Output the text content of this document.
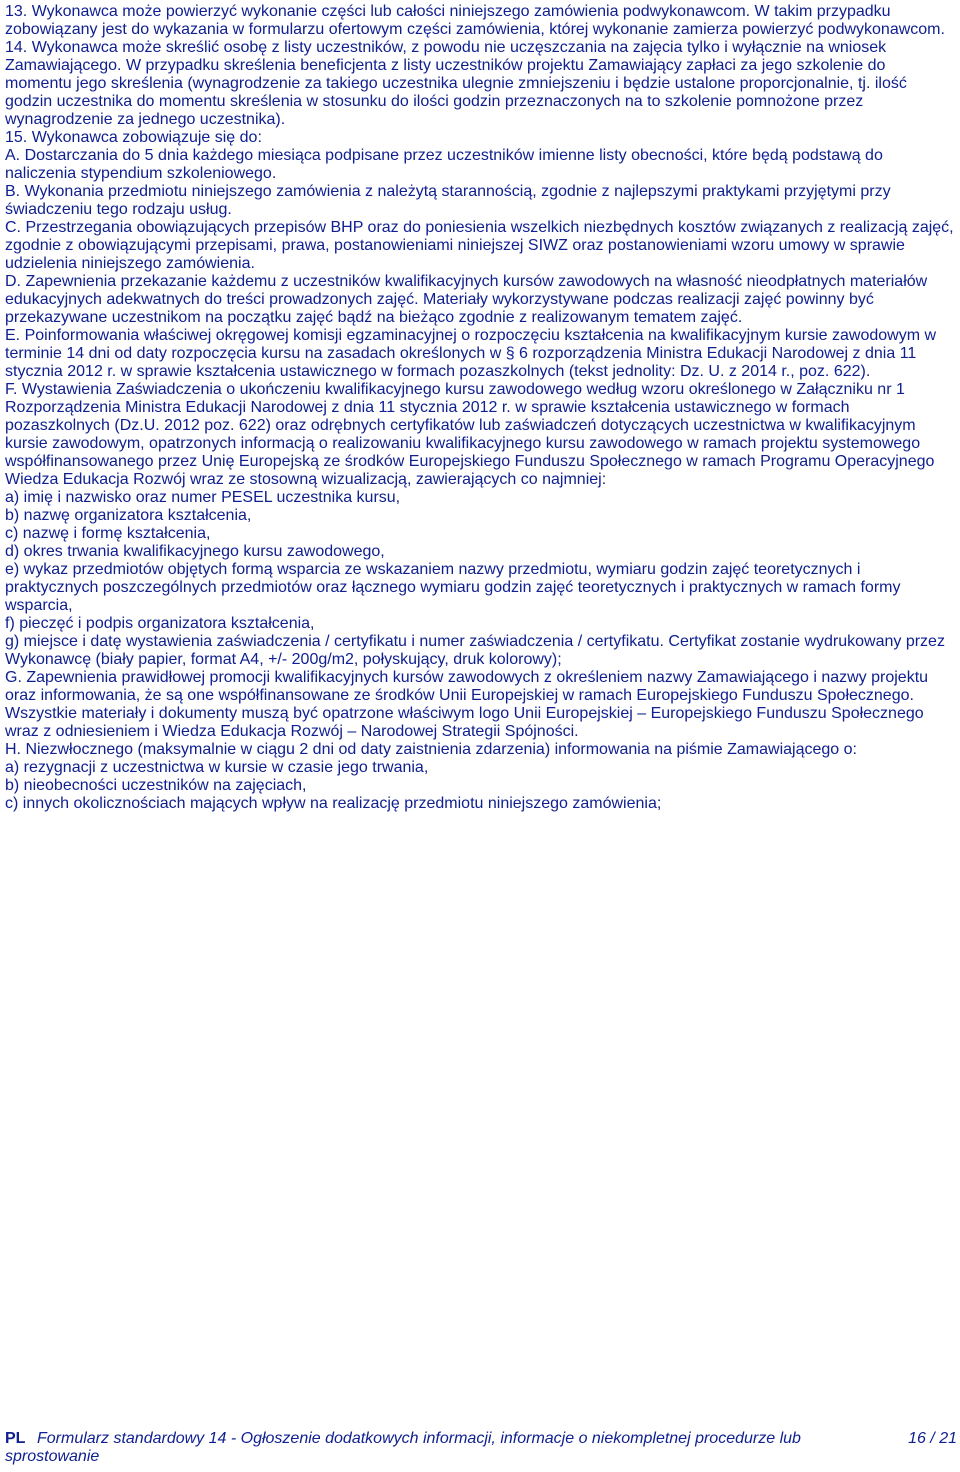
13. Wykonawca może powierzyć wykonanie części lub całości niniejszego zamówienia podwykonawcom. W takim przypadku zobowiązany jest do wykazania w formularzu ofertowym części zamówienia, której wykonanie zamierza powierzyć podwykonawcom.

14. Wykonawca może skreślić osobę z listy uczestników, z powodu nie uczęszczania na zajęcia tylko i wyłącznie na wniosek Zamawiającego. W przypadku skreślenia beneficjenta z listy uczestników projektu Zamawiający zapłaci za jego szkolenie do momentu jego skreślenia (wynagrodzenie za takiego uczestnika ulegnie zmniejszeniu i będzie ustalone proporcjonalnie, tj. ilość godzin uczestnika do momentu skreślenia w stosunku do ilości godzin przeznaczonych na to szkolenie pomnożone przez wynagrodzenie za jednego uczestnika).

15. Wykonawca zobowiązuje się do:

A. Dostarczania do 5 dnia każdego miesiąca podpisane przez uczestników imienne listy obecności, które będą podstawą do naliczenia stypendium szkoleniowego.

B. Wykonania przedmiotu niniejszego zamówienia z należytą starannością, zgodnie z najlepszymi praktykami przyjętymi przy świadczeniu tego rodzaju usług.

C. Przestrzegania obowiązujących przepisów BHP oraz do poniesienia wszelkich niezbędnych kosztów związanych z realizacją zajęć, zgodnie z obowiązującymi przepisami, prawa, postanowieniami niniejszej SIWZ oraz postanowieniami wzoru umowy w sprawie udzielenia niniejszego zamówienia.

D. Zapewnienia przekazanie każdemu z uczestników kwalifikacyjnych kursów zawodowych na własność nieodpłatnych materiałów edukacyjnych adekwatnych do treści prowadzonych zajęć. Materiały wykorzystywane podczas realizacji zajęć powinny być przekazywane uczestnikom na początku zajęć bądź na bieżąco zgodnie z realizowanym tematem zajęć.

E. Poinformowania właściwej okręgowej komisji egzaminacyjnej o rozpoczęciu kształcenia na kwalifikacyjnym kursie zawodowym w terminie 14 dni od daty rozpoczęcia kursu na zasadach określonych w § 6 rozporządzenia Ministra Edukacji Narodowej z dnia 11 stycznia 2012 r. w sprawie kształcenia ustawicznego w formach pozaszkolnych (tekst jednolity: Dz. U. z 2014 r., poz. 622).

F. Wystawienia Zaświadczenia o ukończeniu kwalifikacyjnego kursu zawodowego według wzoru określonego w Załączniku nr 1 Rozporządzenia Ministra Edukacji Narodowej z dnia 11 stycznia 2012 r. w sprawie kształcenia ustawicznego w formach pozaszkolnych (Dz.U. 2012 poz. 622) oraz odrębnych certyfikatów lub zaświadczeń dotyczących uczestnictwa w kwalifikacyjnym kursie zawodowym, opatrzonych informacją o realizowaniu kwalifikacyjnego kursu zawodowego w ramach projektu systemowego współfinansowanego przez Unię Europejską ze środków Europejskiego Funduszu Społecznego w ramach Programu Operacyjnego Wiedza Edukacja Rozwój wraz ze stosowną wizualizacją, zawierających co najmniej:

a) imię i nazwisko oraz numer PESEL uczestnika kursu,

b) nazwę organizatora kształcenia,

c) nazwę i formę kształcenia,

d) okres trwania kwalifikacyjnego kursu zawodowego,

e) wykaz przedmiotów objętych formą wsparcia ze wskazaniem nazwy przedmiotu, wymiaru godzin zajęć teoretycznych i praktycznych poszczególnych przedmiotów oraz łącznego wymiaru godzin zajęć teoretycznych i praktycznych w ramach formy wsparcia,

f) pieczęć i podpis organizatora kształcenia,

g) miejsce i datę wystawienia zaświadczenia / certyfikatu i numer zaświadczenia / certyfikatu. Certyfikat zostanie wydrukowany przez Wykonawcę (biały papier, format A4, +/- 200g/m2, połyskujący, druk kolorowy);

G. Zapewnienia prawidłowej promocji kwalifikacyjnych kursów zawodowych z określeniem nazwy Zamawiającego i nazwy projektu oraz informowania, że są one współfinansowane ze środków Unii Europejskiej w ramach Europejskiego Funduszu Społecznego. Wszystkie materiały i dokumenty muszą być opatrzone właściwym logo Unii Europejskiej – Europejskiego Funduszu Społecznego wraz z odniesieniem i Wiedza Edukacja Rozwój – Narodowej Strategii Spójności.

H. Niezwłocznego (maksymalnie w ciągu 2 dni od daty zaistnienia zdarzenia) informowania na piśmie Zamawiającego o:

a) rezygnacji z uczestnictwa w kursie w czasie jego trwania,

b) nieobecności uczestników na zajęciach,

c) innych okolicznościach mających wpływ na realizację przedmiotu niniejszego zamówienia;

PL Formularz standardowy 14 - Ogłoszenie dodatkowych informacji, informacje o niekompletnej procedurze lub sprostowanie
16 / 21
